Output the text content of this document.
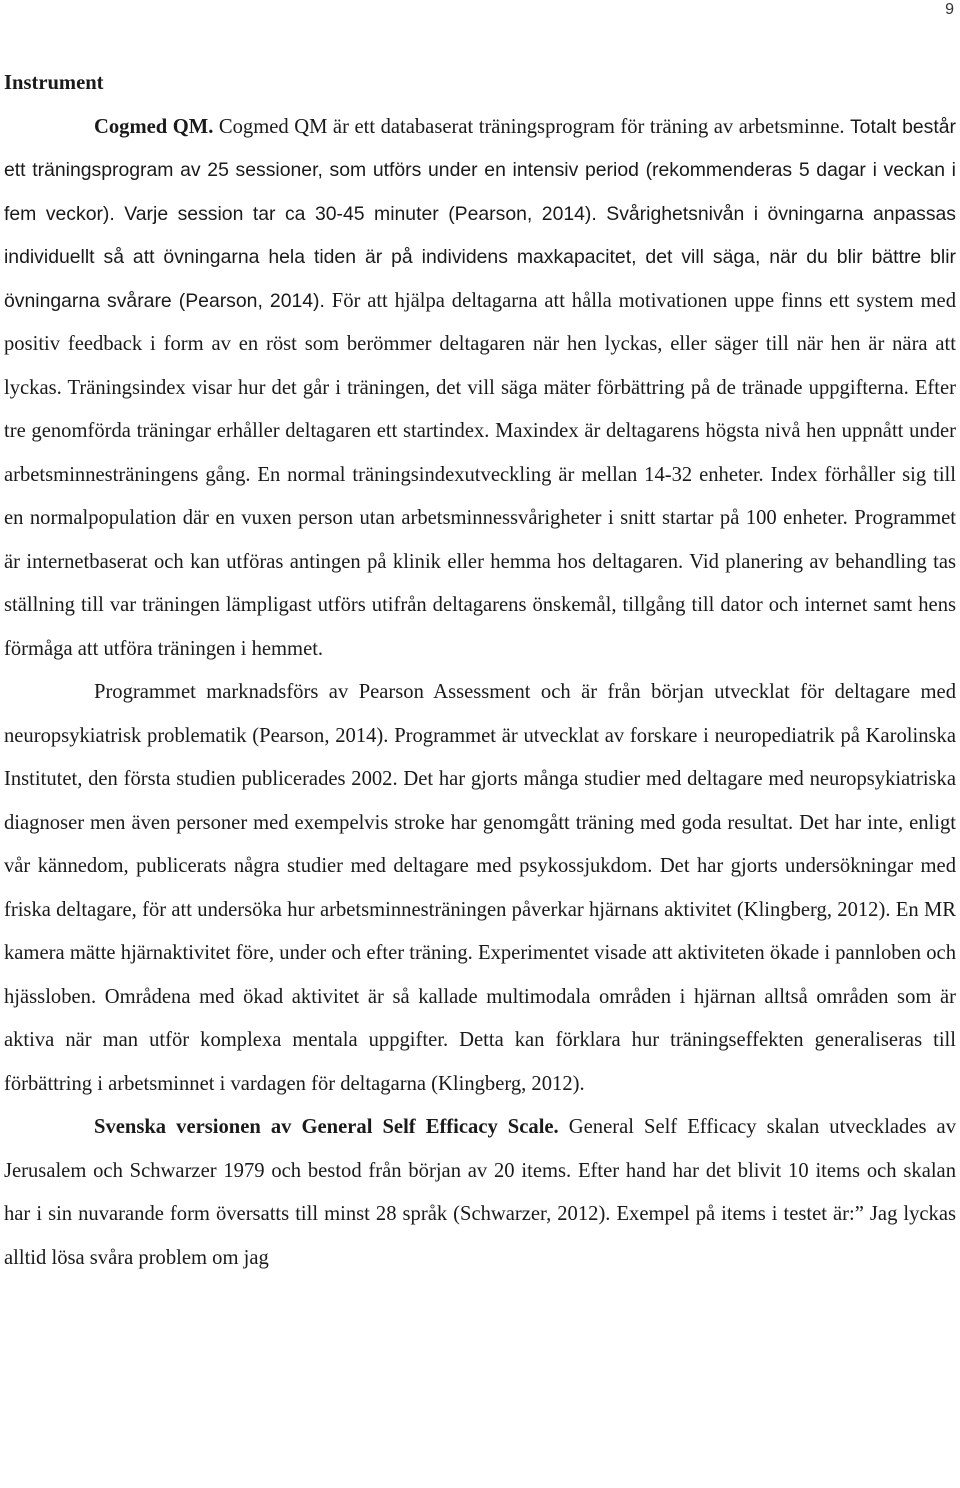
9
Instrument

Cogmed QM. Cogmed QM är ett databaserat träningsprogram för träning av arbetsminne. Totalt består ett träningsprogram av 25 sessioner, som utförs under en intensiv period (rekommenderas 5 dagar i veckan i fem veckor). Varje session tar ca 30-45 minuter (Pearson, 2014). Svårighetsnivån i övningarna anpassas individuellt så att övningarna hela tiden är på individens maxkapacitet, det vill säga, när du blir bättre blir övningarna svårare (Pearson, 2014). För att hjälpa deltagarna att hålla motivationen uppe finns ett system med positiv feedback i form av en röst som berömmer deltagaren när hen lyckas, eller säger till när hen är nära att lyckas. Träningsindex visar hur det går i träningen, det vill säga mäter förbättring på de tränade uppgifterna. Efter tre genomförda träningar erhåller deltagaren ett startindex. Maxindex är deltagarens högsta nivå hen uppnått under arbetsminnesträningens gång. En normal träningsindexutveckling är mellan 14-32 enheter. Index förhåller sig till en normalpopulation där en vuxen person utan arbetsminnessvårigheter i snitt startar på 100 enheter. Programmet är internetbaserat och kan utföras antingen på klinik eller hemma hos deltagaren. Vid planering av behandling tas ställning till var träningen lämpligast utförs utifrån deltagarens önskemål, tillgång till dator och internet samt hens förmåga att utföra träningen i hemmet.

Programmet marknadsförs av Pearson Assessment och är från början utvecklat för deltagare med neuropsykiatrisk problematik (Pearson, 2014). Programmet är utvecklat av forskare i neuropediatrik på Karolinska Institutet, den första studien publicerades 2002. Det har gjorts många studier med deltagare med neuropsykiatriska diagnoser men även personer med exempelvis stroke har genomgått träning med goda resultat. Det har inte, enligt vår kännedom, publicerats några studier med deltagare med psykossjukdom. Det har gjorts undersökningar med friska deltagare, för att undersöka hur arbetsminnesträningen påverkar hjärnans aktivitet (Klingberg, 2012). En MR kamera mätte hjärnaktivitet före, under och efter träning. Experimentet visade att aktiviteten ökade i pannloben och hjässloben. Områdena med ökad aktivitet är så kallade multimodala områden i hjärnan alltså områden som är aktiva när man utför komplexa mentala uppgifter. Detta kan förklara hur träningseffekten generaliseras till förbättring i arbetsminnet i vardagen för deltagarna (Klingberg, 2012).

Svenska versionen av General Self Efficacy Scale. General Self Efficacy skalan utvecklades av Jerusalem och Schwarzer 1979 och bestod från början av 20 items. Efter hand har det blivit 10 items och skalan har i sin nuvarande form översatts till minst 28 språk (Schwarzer, 2012). Exempel på items i testet är:” Jag lyckas alltid lösa svåra problem om jag
